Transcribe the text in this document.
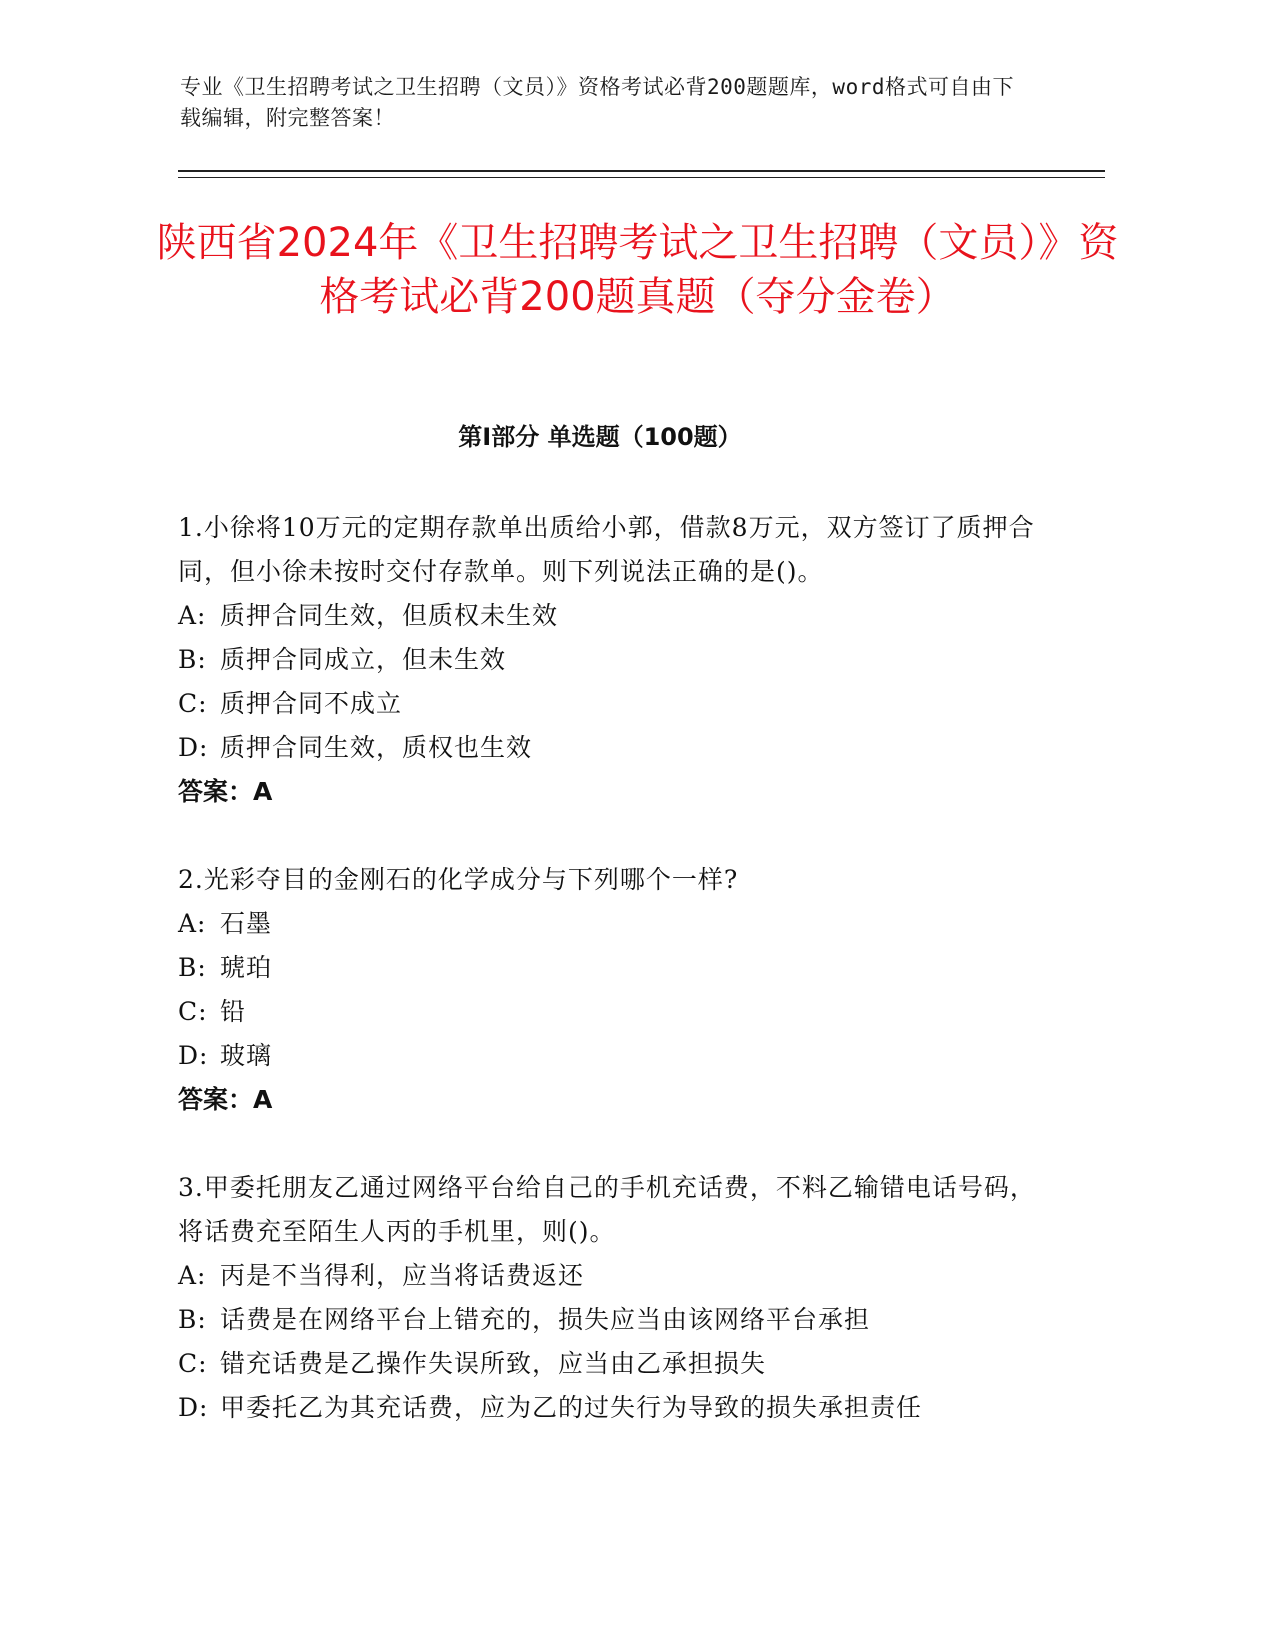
专业《卫生招聘考试之卫生招聘（文员）》资格考试必背200题题库，word格式可自由下载编辑，附完整答案！
陕西省2024年《卫生招聘考试之卫生招聘（文员）》资格考试必背200题真题（夺分金卷）
第Ⅰ部分 单选题（100题）

1.小徐将10万元的定期存款单出质给小郭，借款8万元，双方签订了质押合同，但小徐未按时交付存款单。则下列说法正确的是()。

A: 质押合同生效，但质权未生效
B: 质押合同成立，但未生效
C: 质押合同不成立
D: 质押合同生效，质权也生效
答案：A

2.光彩夺目的金刚石的化学成分与下列哪个一样?

A: 石墨
B: 琥珀
C: 铅
D: 玻璃
答案：A

3.甲委托朋友乙通过网络平台给自己的手机充话费，不料乙输错电话号码，将话费充至陌生人丙的手机里，则()。

A: 丙是不当得利，应当将话费返还
B: 话费是在网络平台上错充的，损失应当由该网络平台承担
C: 错充话费是乙操作失误所致，应当由乙承担损失
D: 甲委托乙为其充话费，应为乙的过失行为导致的损失承担责任
